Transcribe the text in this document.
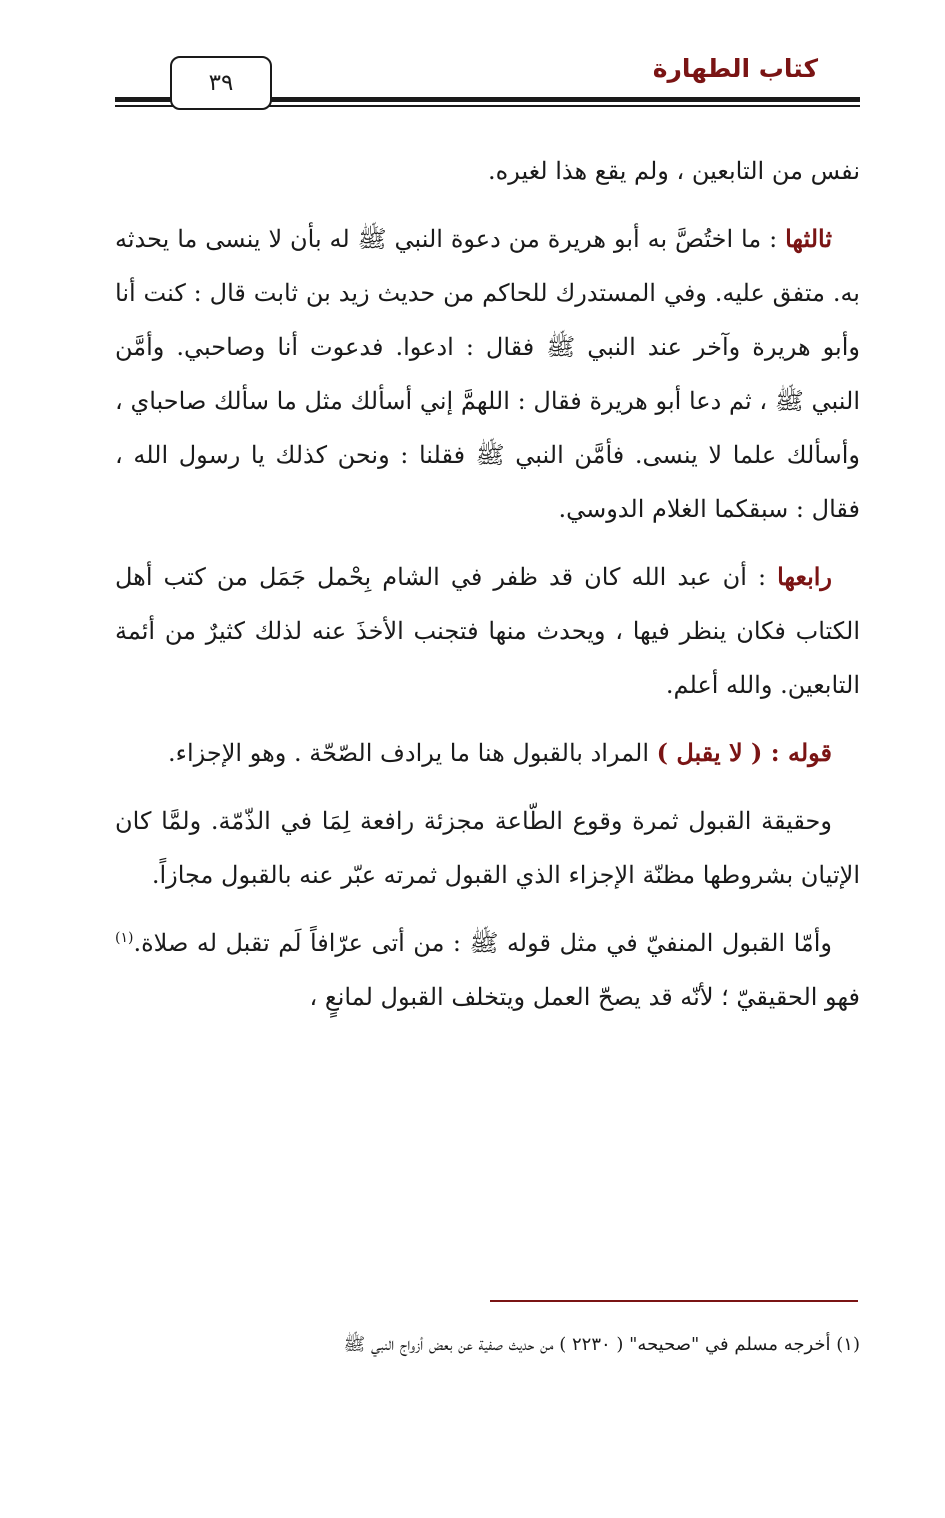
كتاب الطهارة
٣٩

نفس من التابعين ، ولم يقع هذا لغيره.

ثالثها : ما اختُصَّ به أبو هريرة من دعوة النبي ﷺ له بأن لا ينسى ما يحدثه به. متفق عليه. وفي المستدرك للحاكم من حديث زيد بن ثابت قال : كنت أنا وأبو هريرة وآخر عند النبي ﷺ فقال : ادعوا. فدعوت أنا وصاحبي. وأمَّن النبي ﷺ ، ثم دعا أبو هريرة فقال : اللهمَّ إني أسألك مثل ما سألك صاحباي ، وأسألك علما لا ينسى. فأمَّن النبي ﷺ فقلنا : ونحن كذلك يا رسول الله ، فقال : سبقكما الغلام الدوسي.

رابعها : أن عبد الله كان قد ظفر في الشام بِحْمل جَمَل من كتب أهل الكتاب فكان ينظر فيها ، ويحدث منها فتجنب الأخذَ عنه لذلك كثيرٌ من أئمة التابعين. والله أعلم.

قوله : ( لا يقبل ) المراد بالقبول هنا ما يرادف الصّحّة . وهو الإجزاء.

وحقيقة القبول ثمرة وقوع الطّاعة مجزئة رافعة لِمَا في الذّمّة. ولمَّا كان الإتيان بشروطها مظنّة الإجزاء الذي القبول ثمرته عبّر عنه بالقبول مجازاً.

وأمّا القبول المنفيّ في مثل قوله ﷺ : من أتى عرّافاً لَم تقبل له صلاة.$^{(١)}$ فهو الحقيقيّ ؛ لأنّه قد يصحّ العمل ويتخلف القبول لمانعٍ ،

(١) أخرجه مسلم في "صحيحه" ( ٢٢٣٠ ) من حديث صفية عن بعض أزواج النبي ﷺ
